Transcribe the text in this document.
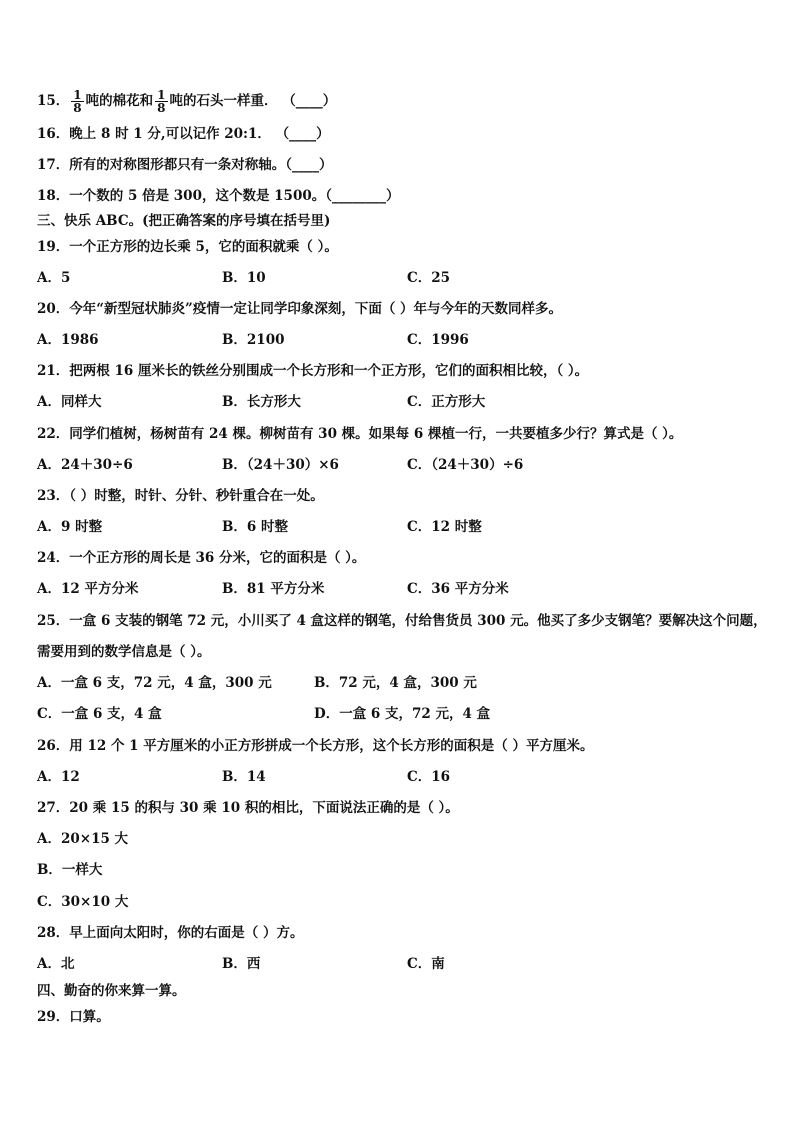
15． $\frac{1}{8}$ 吨的棉花和 $\frac{1}{8}$ 吨的石头一样重． （____）
16．晚上 8 时 1 分,可以记作 20:1． （____）
17．所有的对称图形都只有一条对称轴。（____）
18．一个数的 5 倍是 300，这个数是 1500。（________）
三、快乐 ABC。(把正确答案的序号填在括号里)
19．一个正方形的边长乘 5，它的面积就乘（ ）。
A．5	B．10	C．25
20．今年“新型冠状肺炎”疫情一定让同学印象深刻，下面（ ）年与今年的天数同样多。
A．1986	B．2100	C．1996
21．把两根 16 厘米长的铁丝分别围成一个长方形和一个正方形，它们的面积相比较，（ ）。
A．同样大	B．长方形大	C．正方形大
22．同学们植树，杨树苗有 24 棵。柳树苗有 30 棵。如果每 6 棵植一行，一共要植多少行？算式是（ ）。
A．24＋30÷6	B．（24＋30）×6	C．（24＋30）÷6
23．（ ）时整，时针、分针、秒针重合在一处。
A．9 时整	B．6 时整	C．12 时整
24．一个正方形的周长是 36 分米，它的面积是（ ）。
A．12 平方分米	B．81 平方分米	C．36 平方分米
25．一盒 6 支装的钢笔 72 元，小川买了 4 盒这样的钢笔，付给售货员 300 元。他买了多少支钢笔？要解决这个问题，
需要用到的数学信息是（ ）。
A．一盒 6 支，72 元，4 盒，300 元	B．72 元，4 盒，300 元
C．一盒 6 支，4 盒	D．一盒 6 支，72 元，4 盒
26．用 12 个 1 平方厘米的小正方形拼成一个长方形，这个长方形的面积是（ ）平方厘米。
A．12	B．14	C．16
27．20 乘 15 的积与 30 乘 10 积的相比，下面说法正确的是（ ）。
A．20×15 大
B．一样大
C．30×10 大
28．早上面向太阳时，你的右面是（ ）方。
A．北	B．西	C．南
四、勤奋的你来算一算。
29．口算。
